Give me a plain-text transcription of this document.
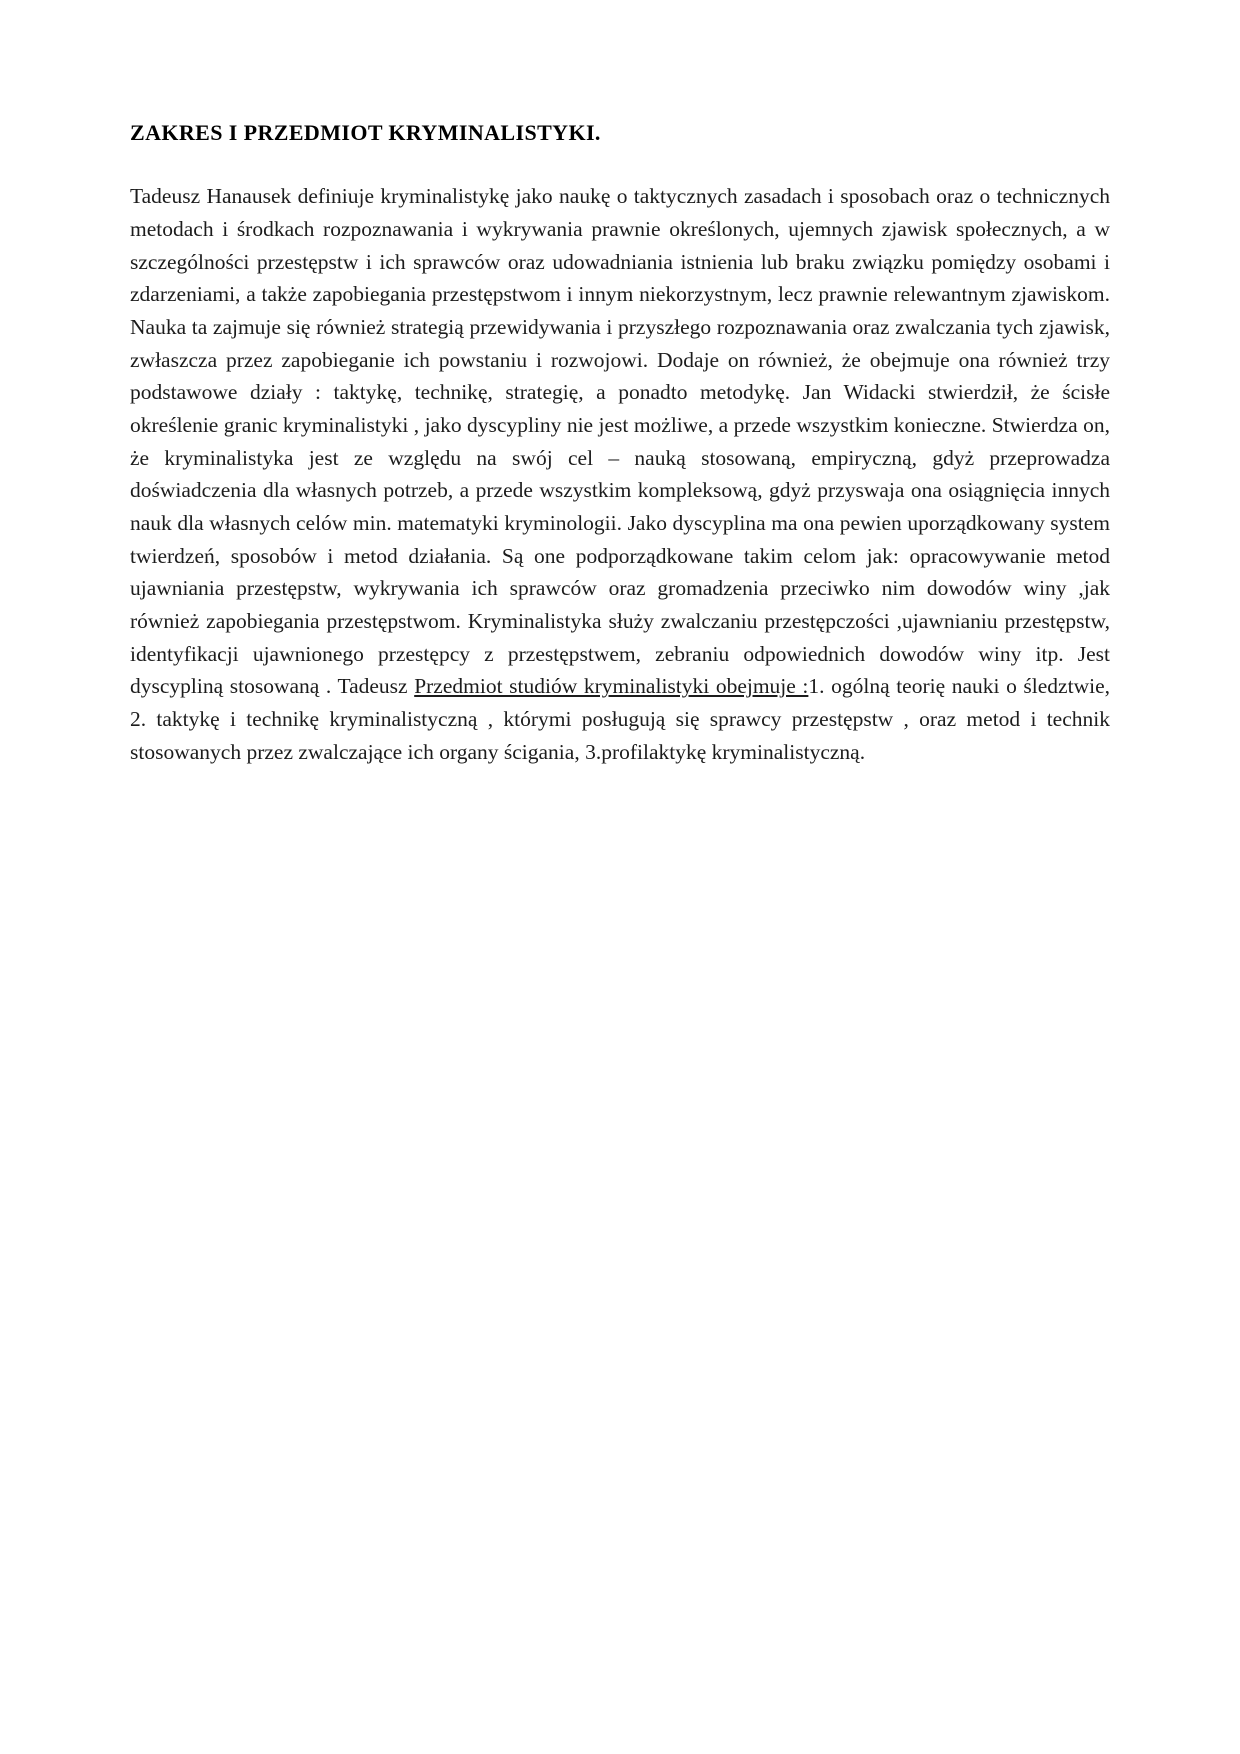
ZAKRES I PRZEDMIOT KRYMINALISTYKI.

Tadeusz Hanausek definiuje kryminalistykę jako naukę o taktycznych zasadach i sposobach oraz o technicznych metodach i środkach rozpoznawania i wykrywania prawnie określonych, ujemnych zjawisk społecznych, a w szczególności przestępstw i ich sprawców oraz udowadniania istnienia lub braku związku pomiędzy osobami i zdarzeniami, a także zapobiegania przestępstwom i innym niekorzystnym, lecz prawnie relewantnym zjawiskom. Nauka ta zajmuje się również strategią przewidywania i przyszłego rozpoznawania oraz zwalczania tych zjawisk, zwłaszcza przez zapobieganie ich powstaniu i rozwojowi. Dodaje on również, że obejmuje ona również trzy podstawowe działy : taktykę, technikę, strategię, a ponadto metodykę. Jan Widacki stwierdził, że ścisłe określenie granic kryminalistyki , jako dyscypliny nie jest możliwe, a przede wszystkim konieczne. Stwierdza on, że kryminalistyka jest ze względu na swój cel – nauką stosowaną, empiryczną, gdyż przeprowadza doświadczenia dla własnych potrzeb, a przede wszystkim kompleksową, gdyż przyswaja ona osiągnięcia innych nauk dla własnych celów min. matematyki kryminologii. Jako dyscyplina ma ona pewien uporządkowany system twierdzeń, sposobów i metod działania. Są one podporządkowane takim celom jak: opracowywanie metod ujawniania przestępstw, wykrywania ich sprawców oraz gromadzenia przeciwko nim dowodów winy ,jak również zapobiegania przestępstwom. Kryminalistyka służy zwalczaniu przestępczości ,ujawnianiu przestępstw, identyfikacji ujawnionego przestępcy z przestępstwem, zebraniu odpowiednich dowodów winy itp. Jest dyscypliną stosowaną . Tadeusz Przedmiot studiów kryminalistyki obejmuje :1. ogólną teorię nauki o śledztwie, 2. taktykę i technikę kryminalistyczną , którymi posługują się sprawcy przestępstw , oraz metod i technik stosowanych przez zwalczające ich organy ścigania, 3.profilaktykę kryminalistyczną.
